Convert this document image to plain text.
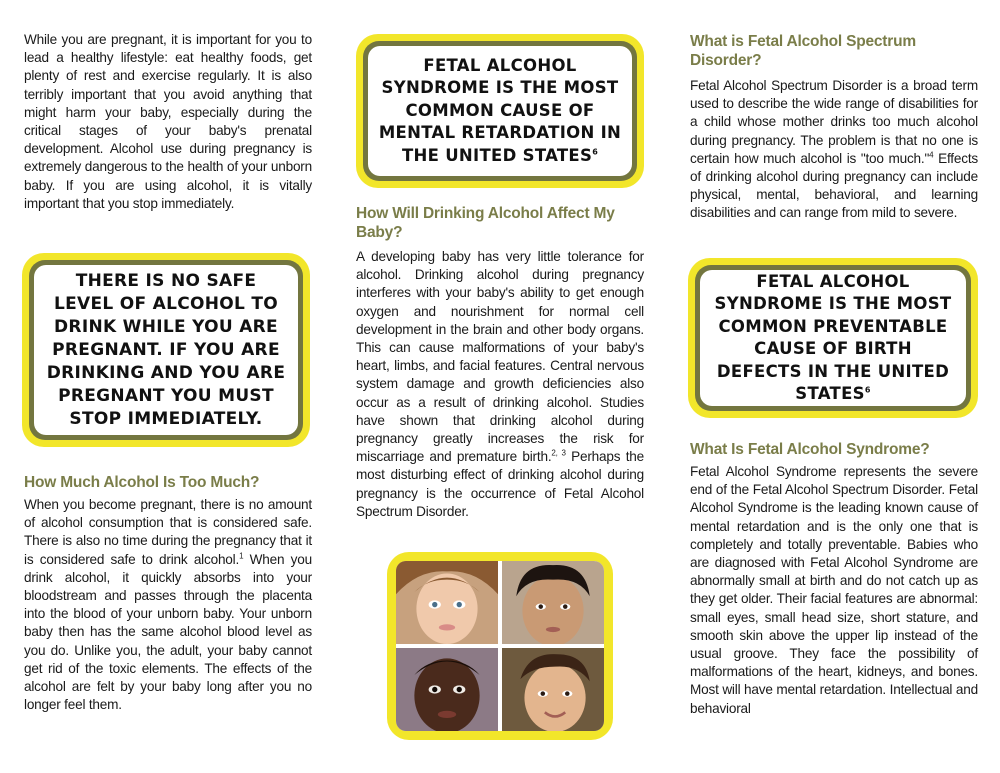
While you are pregnant, it is important for you to lead a healthy lifestyle: eat healthy foods, get plenty of rest and exercise regularly. It is also terribly important that you avoid anything that might harm your baby, especially during the critical stages of your baby's prenatal development. Alcohol use during pregnancy is extremely dangerous to the health of your unborn baby. If you are using alcohol, it is vitally important that you stop immediately.

THERE IS NO SAFE LEVEL OF ALCOHOL TO DRINK WHILE YOU ARE PREGNANT. IF YOU ARE DRINKING AND YOU ARE PREGNANT YOU MUST STOP IMMEDIATELY.

How Much Alcohol Is Too Much?

When you become pregnant, there is no amount of alcohol consumption that is considered safe. There is also no time during the pregnancy that it is considered safe to drink alcohol.$^1$ When you drink alcohol, it quickly absorbs into your bloodstream and passes through the placenta into the blood of your unborn baby. Your unborn baby then has the same alcohol blood level as you do. Unlike you, the adult, your baby cannot get rid of the toxic elements. The effects of the alcohol are felt by your baby long after you no longer feel them.

FETAL ALCOHOL SYNDROME IS THE MOST COMMON CAUSE OF MENTAL RETARDATION IN THE UNITED STATES$^6$

How Will Drinking Alcohol Affect My Baby?

A developing baby has very little tolerance for alcohol. Drinking alcohol during pregnancy interferes with your baby's ability to get enough oxygen and nourishment for normal cell development in the brain and other body organs. This can cause malformations of your baby's heart, limbs, and facial features. Central nervous system damage and growth deficiencies also occur as a result of drinking alcohol. Studies have shown that drinking alcohol during pregnancy greatly increases the risk for miscarriage and premature birth.$^{2, 3}$ Perhaps the most disturbing effect of drinking alcohol during pregnancy is the occurrence of Fetal Alcohol Spectrum Disorder.

What is Fetal Alcohol Spectrum Disorder?

Fetal Alcohol Spectrum Disorder is a broad term used to describe the wide range of disabilities for a child whose mother drinks too much alcohol during pregnancy. The problem is that no one is certain how much alcohol is "too much."$^4$ Effects of drinking alcohol during pregnancy can include physical, mental, behavioral, and learning disabilities and can range from mild to severe.

FETAL ALCOHOL SYNDROME IS THE MOST COMMON PREVENTABLE CAUSE OF BIRTH DEFECTS IN THE UNITED STATES$^6$

What Is Fetal Alcohol Syndrome?

Fetal Alcohol Syndrome represents the severe end of the Fetal Alcohol Spectrum Disorder. Fetal Alcohol Syndrome is the leading known cause of mental retardation and is the only one that is completely and totally preventable. Babies who are diagnosed with Fetal Alcohol Syndrome are abnormally small at birth and do not catch up as they get older. Their facial features are abnormal: small eyes, small head size, short stature, and smooth skin above the upper lip instead of the usual groove. They face the possibility of malformations of the heart, kidneys, and bones. Most will have mental retardation. Intellectual and behavioral
